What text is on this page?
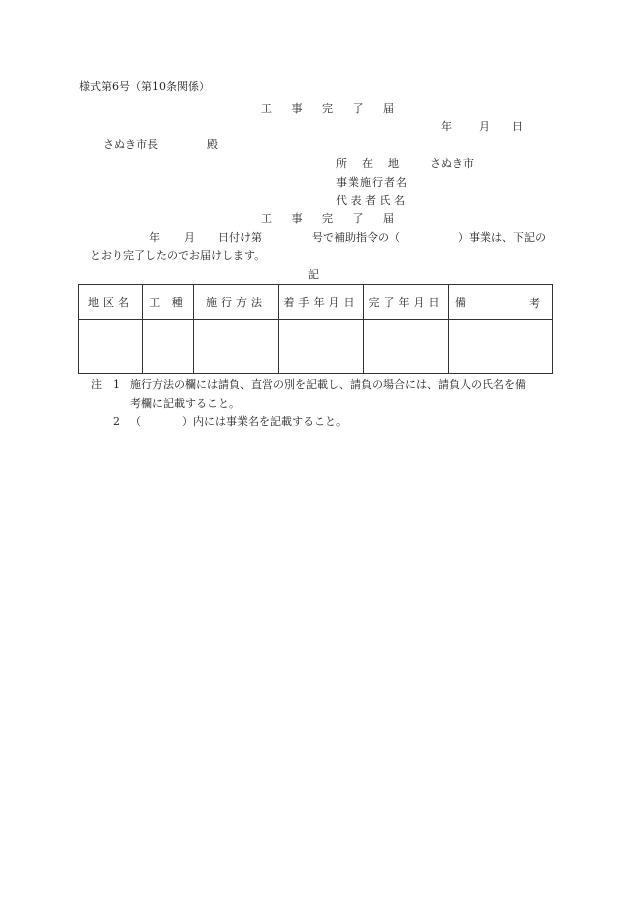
様式第6号（第10条関係）
工 事 完 了 届
年 月 日
さぬき市長	殿
所　在　地	さぬき市
事業施行者名
代 表 者 氏 名
工 事 完 了 届
年 月 日付け第	号で補助指令の（	）事業は、下記の
とおり完了したのでお届けします。
記
地区名	工 種	施行方法	着手年月日	完了年月日	備 考

注 1 施行方法の欄には請負、直営の別を記載し、請負の場合には、請負人の氏名を備
考欄に記載すること。
2 （	）内には事業名を記載すること。
